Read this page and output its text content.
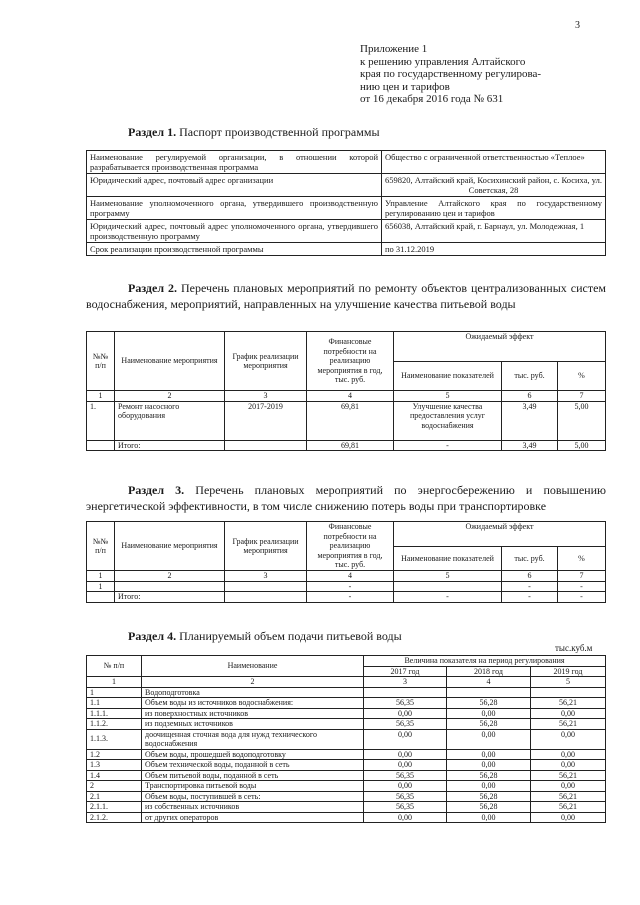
3
Приложение 1
к решению управления Алтайского
края по государственному регулирова-
нию цен и тарифов
от 16 декабря 2016 года № 631
Раздел 1. Паспорт производственной программы
Наименование регулируемой организации, в отношении которой разрабатывается производственная программа	Общество с ограниченной ответственностью «Теплое»
Юридический адрес, почтовый адрес организации	659820, Алтайский край, Косихинский район, с. Косиха, ул. Советская, 28
Наименование уполномоченного органа, утвердившего производственную программу	Управление Алтайского края по государственному регулированию цен и тарифов
Юридический адрес, почтовый адрес уполномоченного органа, утвердившего производственную программу	656038, Алтайский край, г. Барнаул, ул. Молодежная, 1
Срок реализации производственной программы	по 31.12.2019
Раздел 2. Перечень плановых мероприятий по ремонту объектов централизованных систем водоснабжения, мероприятий, направленных на улучшение качества питьевой воды
№№ п/п	Наименование мероприятия	График реализации мероприятия	Финансовые потребности на реализацию мероприятия в год, тыс. руб.	Ожидаемый эффект		
				Наименование показателей	тыс. руб.	%
1	2	3	4	5	6	7
1.	Ремонт насосного оборудования	2017-2019	69,81	Улучшение качества предоставления услуг водоснабжения	3,49	5,00
	Итого:		69,81	-	3,49	5,00
Раздел 3. Перечень плановых мероприятий по энергосбережению и повышению энергетической эффективности, в том числе снижению потерь воды при транспортировке
№№ п/п	Наименование мероприятия	График реализации мероприятия	Финансовые потребности на реализацию мероприятия в год, тыс. руб.	Ожидаемый эффект		
				Наименование показателей	тыс. руб.	%
1	2	3	4	5	6	7
1			-		-	-
	Итого:		-	-	-	-
Раздел 4. Планируемый объем подачи питьевой воды
тыс.куб.м
№ п/п	Наименование	Величина показателя на период регулирования		
		2017 год	2018 год	2019 год
1	2	3	4	5
1	Водоподготовка			
1.1	Объем воды из источников водоснабжения:	56,35	56,28	56,21
1.1.1.	из поверхностных источников	0,00	0,00	0,00
1.1.2.	из подземных источников	56,35	56,28	56,21
1.1.3.	доочищенная сточная вода для нужд технического водоснабжения	0,00	0,00	0,00
1.2	Объем воды, прошедшей водоподготовку	0,00	0,00	0,00
1.3	Объем технической воды, поданной в сеть	0,00	0,00	0,00
1.4	Объем питьевой воды, поданной в сеть	56,35	56,28	56,21
2	Транспортировка питьевой воды	0,00	0,00	0,00
2.1	Объем воды, поступившей в сеть:	56,35	56,28	56,21
2.1.1.	из собственных источников	56,35	56,28	56,21
2.1.2.	от других операторов	0,00	0,00	0,00
